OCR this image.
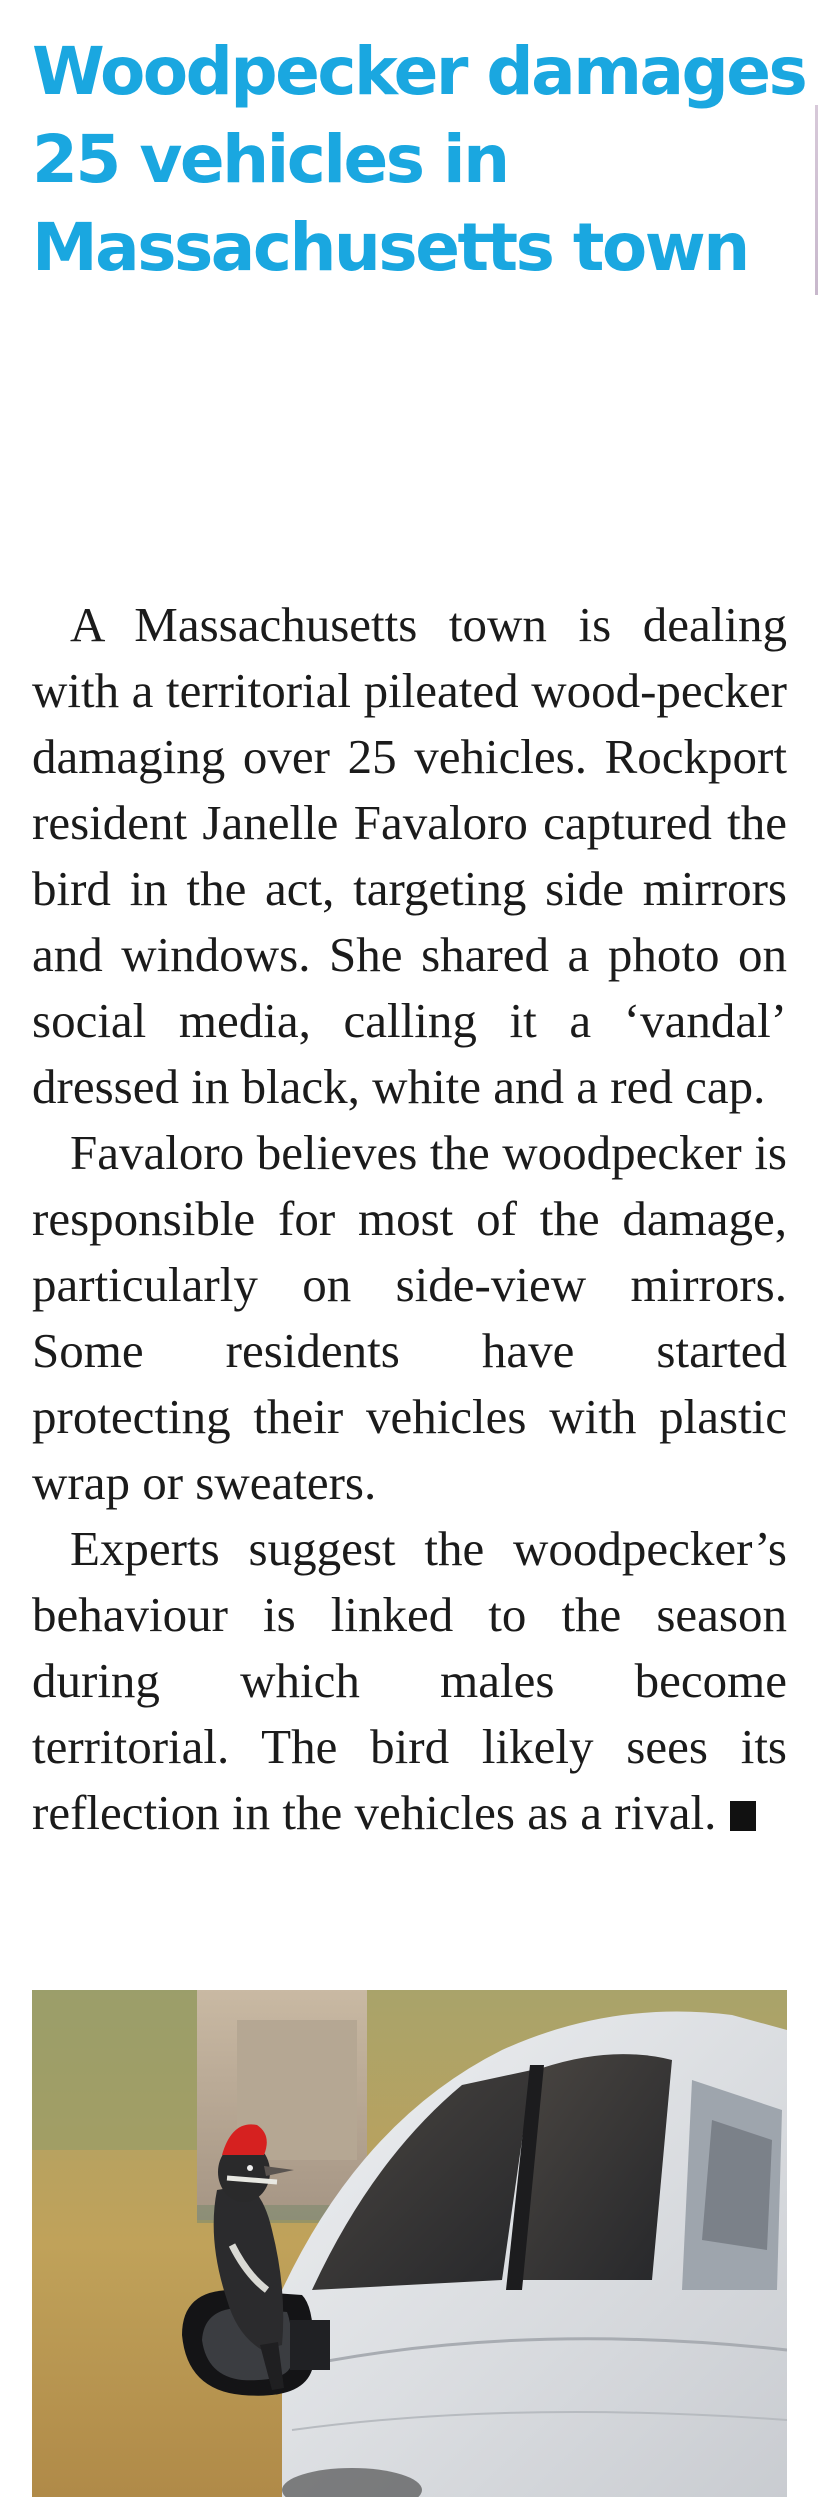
Woodpecker damages 25 vehicles in Massachusetts town

A Massachusetts town is dealing with a territorial pileated wood-pecker damaging over 25 vehicles. Rockport resident Janelle Favaloro captured the bird in the act, targeting side mirrors and windows. She shared a photo on social media, calling it a ‘vandal’ dressed in black, white and a red cap.

Favaloro believes the woodpecker is responsible for most of the damage, particularly on side-view mirrors. Some residents have started protecting their vehicles with plastic wrap or sweaters.

Experts suggest the woodpecker’s behaviour is linked to the season during which males become territorial. The bird likely sees its reflection in the vehicles as a rival.
